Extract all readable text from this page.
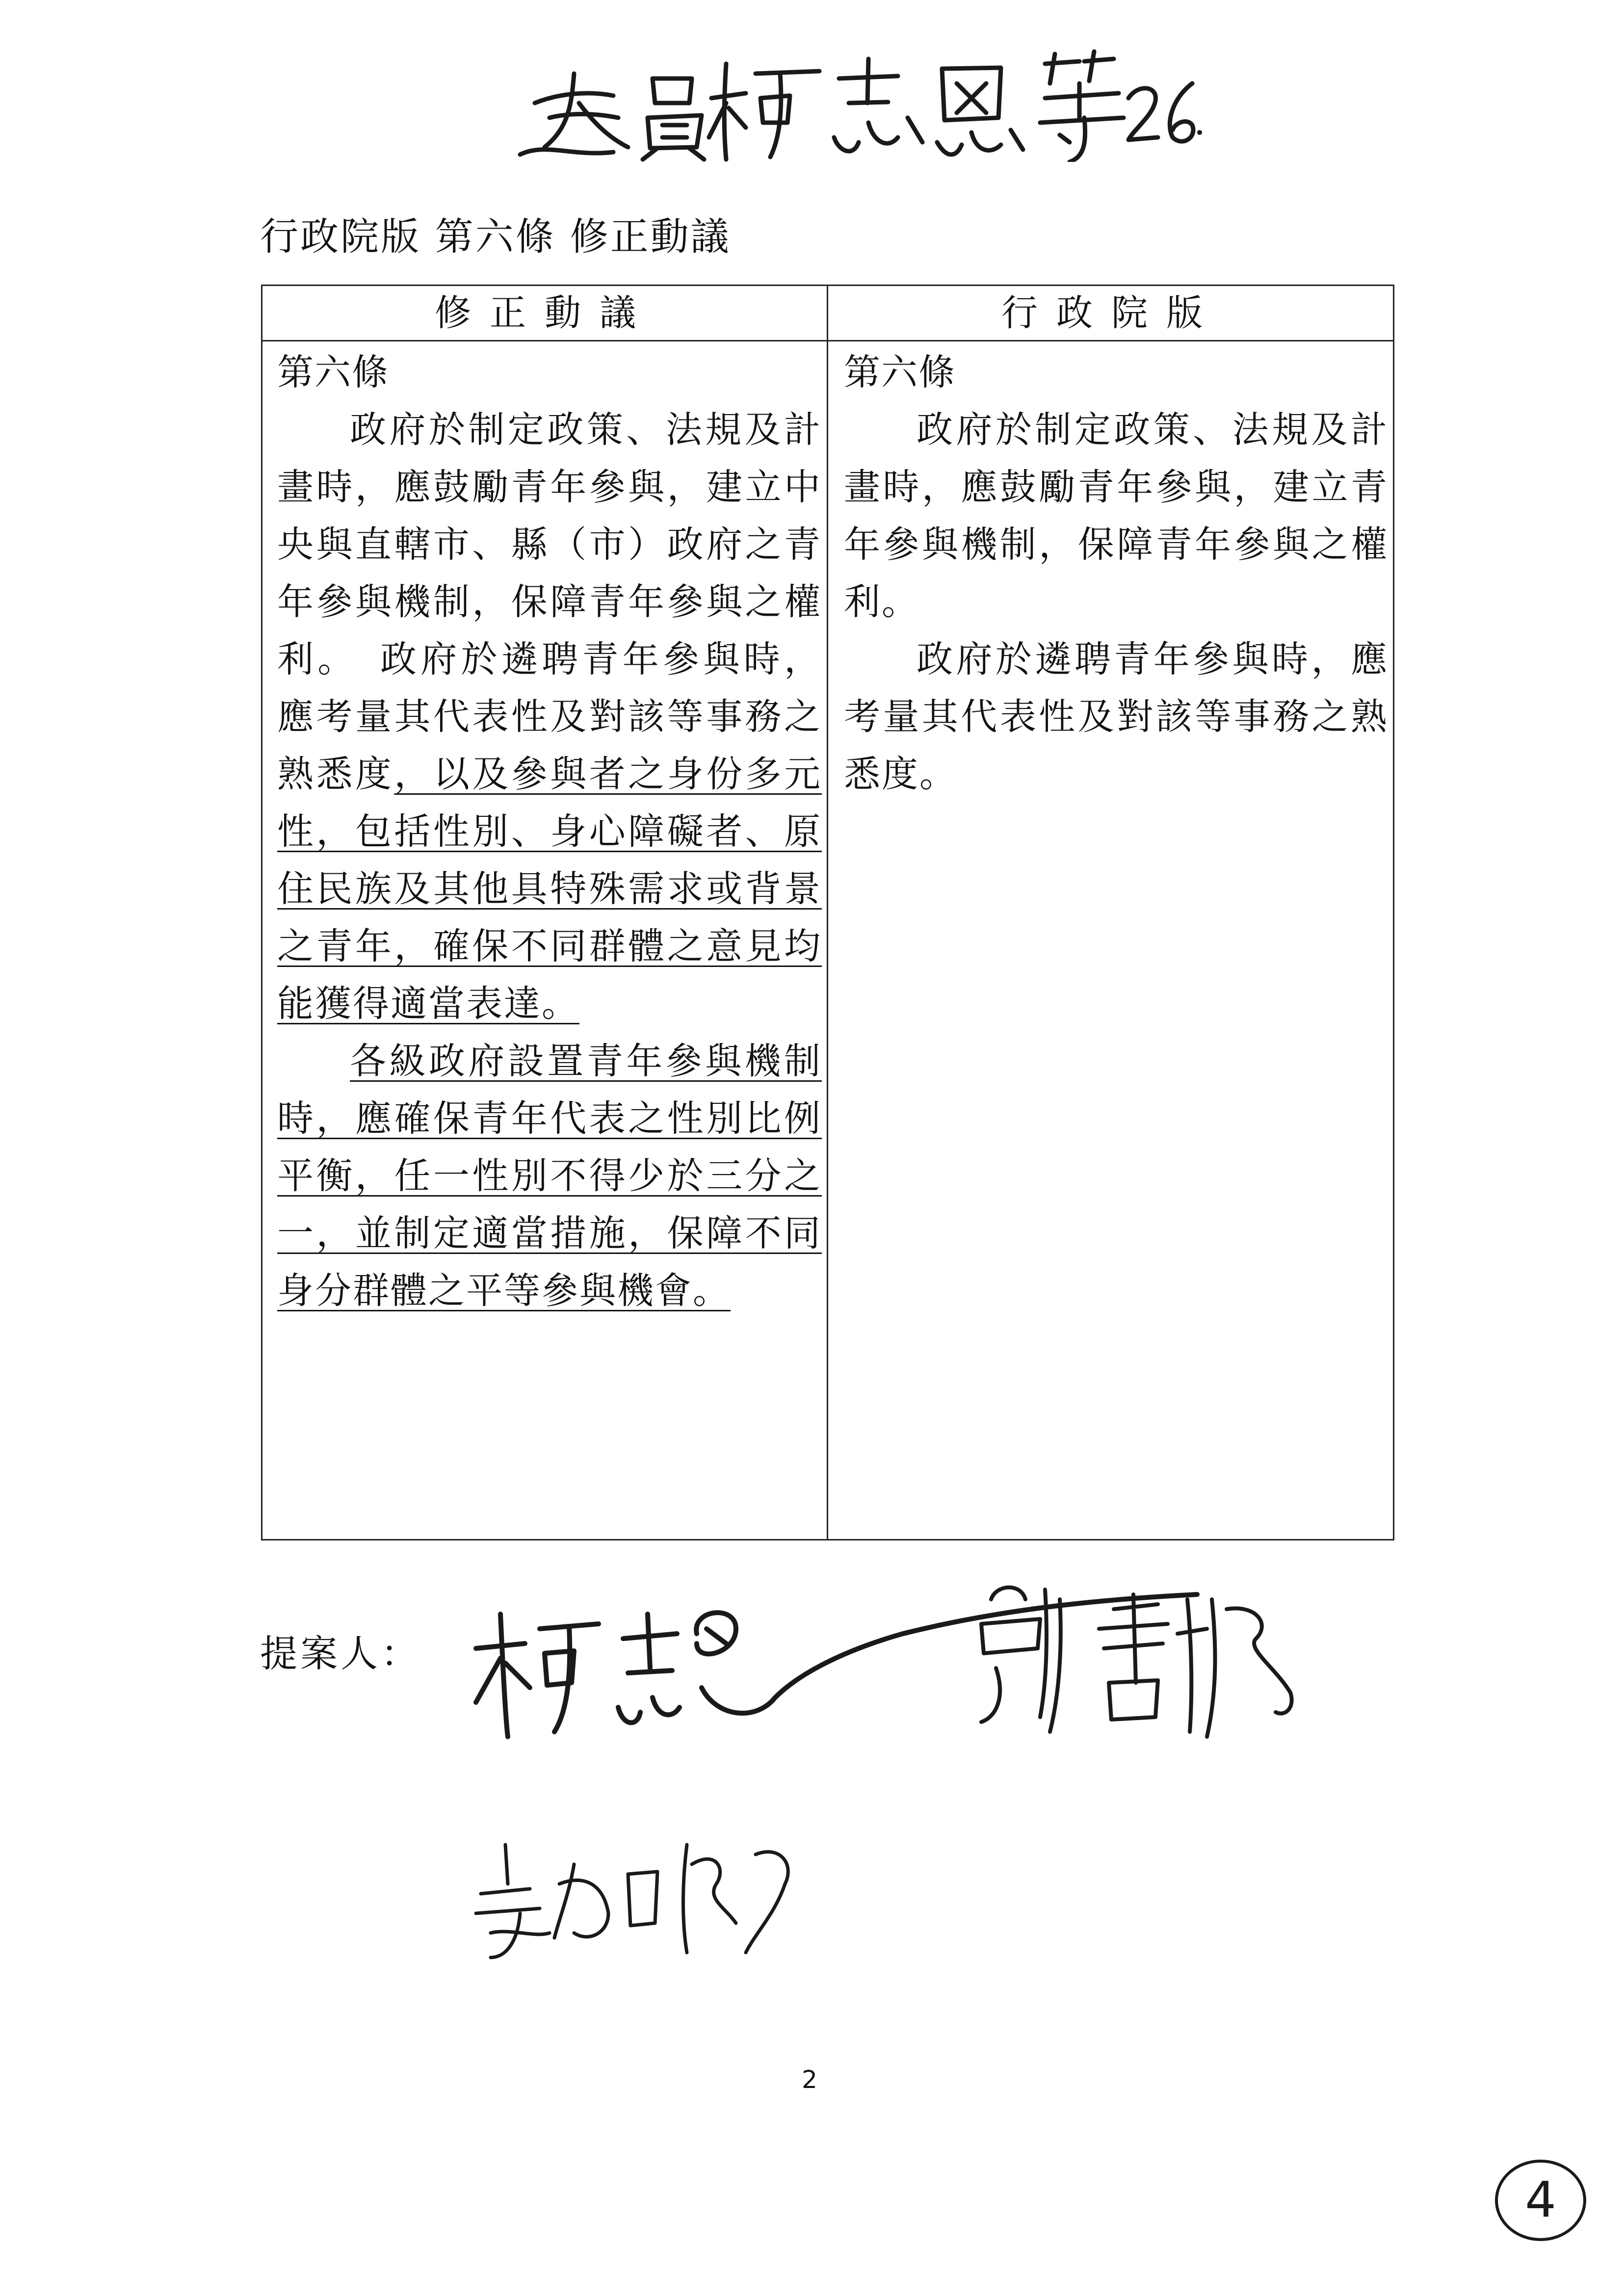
行政院版 第六條 修正動議
修正動議	行政院版
第六條
政府於制定政策、法規及計畫時，應鼓勵青年參與，建立中央與直轄市、縣（市）政府之青年參與機制，保障青年參與之權利。　政府於遴聘青年參與時，應考量其代表性及對該等事務之熟悉度，以及參與者之身份多元性，包括性別、身心障礙者、原住民族及其他具特殊需求或背景之青年，確保不同群體之意見均能獲得適當表達。
各級政府設置青年參與機制時，應確保青年代表之性別比例平衡，任一性別不得少於三分之一，並制定適當措施，保障不同身分群體之平等參與機會。
第六條
政府於制定政策、法規及計畫時，應鼓勵青年參與，建立青年參與機制，保障青年參與之權利。
政府於遴聘青年參與時，應考量其代表性及對該等事務之熟悉度。
提案人：
2
4
